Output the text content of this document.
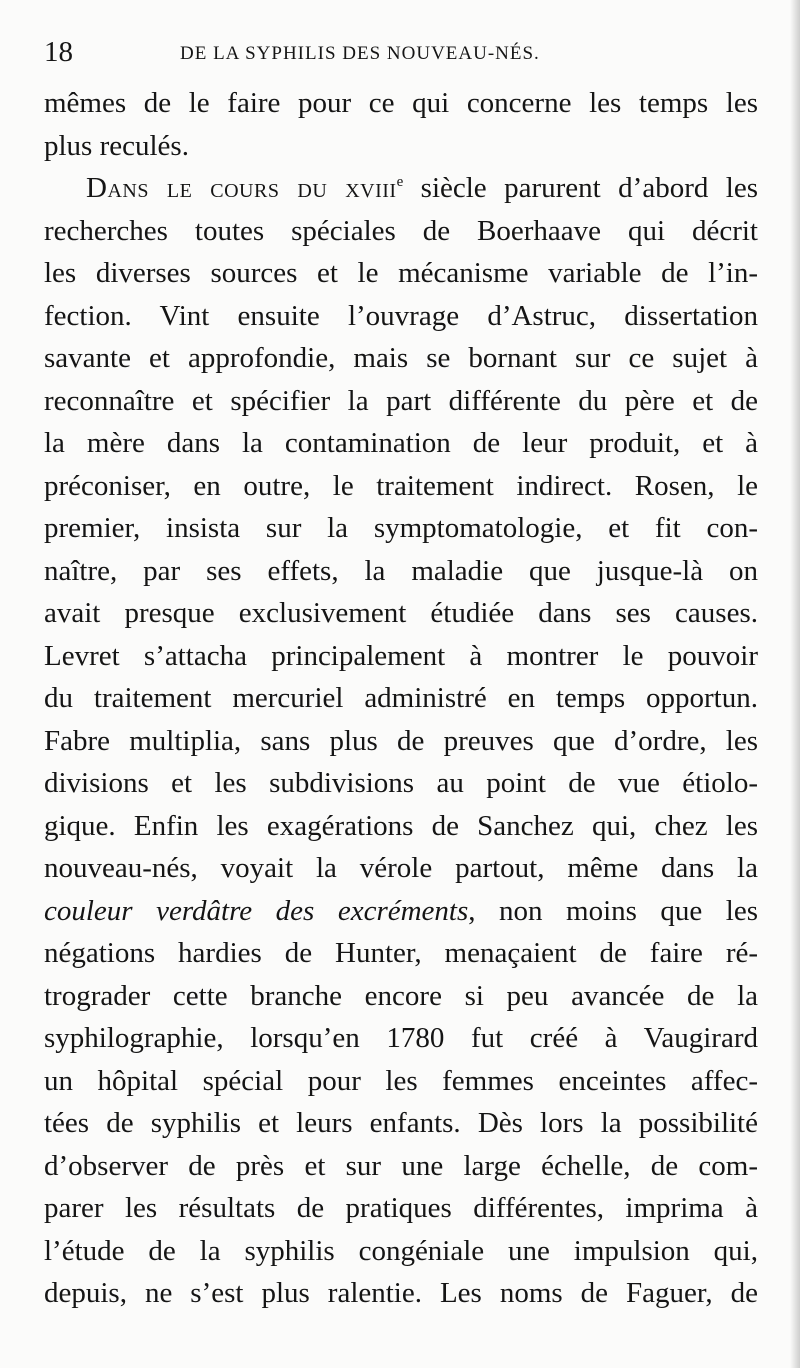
18	DE LA SYPHILIS DES NOUVEAU-NÉS.
mêmes de le faire pour ce qui concerne les temps les
plus reculés.
Dans le cours du xviii$^e$ siècle parurent d’abord les
recherches toutes spéciales de Boerhaave qui décrit
les diverses sources et le mécanisme variable de l’in-
fection. Vint ensuite l’ouvrage d’Astruc, dissertation
savante et approfondie, mais se bornant sur ce sujet à
reconnaître et spécifier la part différente du père et de
la mère dans la contamination de leur produit, et à
préconiser, en outre, le traitement indirect. Rosen, le
premier, insista sur la symptomatologie, et fit con-
naître, par ses effets, la maladie que jusque-là on
avait presque exclusivement étudiée dans ses causes.
Levret s’attacha principalement à montrer le pouvoir
du traitement mercuriel administré en temps opportun.
Fabre multiplia, sans plus de preuves que d’ordre, les
divisions et les subdivisions au point de vue étiolo-
gique. Enfin les exagérations de Sanchez qui, chez les
nouveau-nés, voyait la vérole partout, même dans la
couleur verdâtre des excréments, non moins que les
négations hardies de Hunter, menaçaient de faire ré-
trograder cette branche encore si peu avancée de la
syphilographie, lorsqu’en 1780 fut créé à Vaugirard
un hôpital spécial pour les femmes enceintes affec-
tées de syphilis et leurs enfants. Dès lors la possibilité
d’observer de près et sur une large échelle, de com-
parer les résultats de pratiques différentes, imprima à
l’étude de la syphilis congéniale une impulsion qui,
depuis, ne s’est plus ralentie. Les noms de Faguer, de
